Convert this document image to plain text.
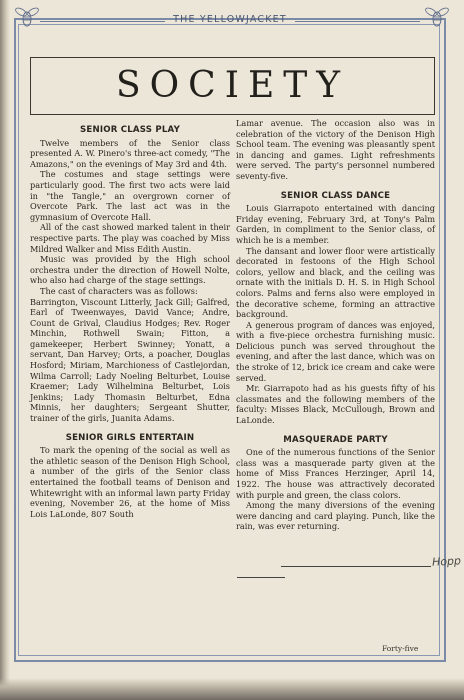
THE YELLOWJACKET
SOCIETY
SENIOR CLASS PLAY

Twelve members of the Senior class presented A. W. Pinero's three-act comedy, "The Amazons," on the evenings of May 3rd and 4th.

The costumes and stage settings were particularly good. The first two acts were laid in "the Tangle," an overgrown corner of Overcote Park. The last act was in the gymnasium of Overcote Hall.

All of the cast showed marked talent in their respective parts. The play was coached by Miss Mildred Walker and Miss Edith Austin.

Music was provided by the High school orchestra under the direction of Howell Nolte, who also had charge of the stage settings.

The cast of characters was as follows:

Barrington, Viscount Litterly, Jack Gill; Galfred, Earl of Tweenwayes, David Vance; Andre, Count de Grival, Claudius Hodges; Rev. Roger Minchin, Rothwell Swain; Fitton, a gamekeeper, Herbert Swinney; Yonatt, a servant, Dan Harvey; Orts, a poacher, Douglas Hosford; Miriam, Marchioness of Castlejordan, Wilma Carroll; Lady Noeling Belturbet, Louise Kraemer; Lady Wilhelmina Belturbet, Lois Jenkins; Lady Thomasin Belturbet, Edna Minnis, her daughters; Sergeant Shutter, trainer of the girls, Juanita Adams.

SENIOR GIRLS ENTERTAIN

To mark the opening of the social as well as the athletic season of the Denison High School, a number of the girls of the Senior class entertained the football teams of Denison and Whitewright with an informal lawn party Friday evening, November 26, at the home of Miss Lois LaLonde, 807 South

Lamar avenue. The occasion also was in celebration of the victory of the Denison High School team. The evening was pleasantly spent in dancing and games. Light refreshments were served. The party's personnel numbered seventy-five.

SENIOR CLASS DANCE

Louis Giarrapoto entertained with dancing Friday evening, February 3rd, at Tony's Palm Garden, in compliment to the Senior class, of which he is a member.

The dansant and lower floor were artistically decorated in festoons of the High School colors, yellow and black, and the ceiling was ornate with the initials D. H. S. in High School colors. Palms and ferns also were employed in the decorative scheme, forming an attractive background.

A generous program of dances was enjoyed, with a five-piece orchestra furnishing music. Delicious punch was served throughout the evening, and after the last dance, which was on the stroke of 12, brick ice cream and cake were served.

Mr. Giarrapoto had as his guests fifty of his classmates and the following members of the faculty: Misses Black, McCullough, Brown and LaLonde.

MASQUERADE PARTY

One of the numerous functions of the Senior class was a masquerade party given at the home of Miss Frances Herzinger, April 14, 1922. The house was attractively decorated with purple and green, the class colors.

Among the many diversions of the evening were dancing and card playing. Punch, like the rain, was ever returning.

Hopp
Forty-five
